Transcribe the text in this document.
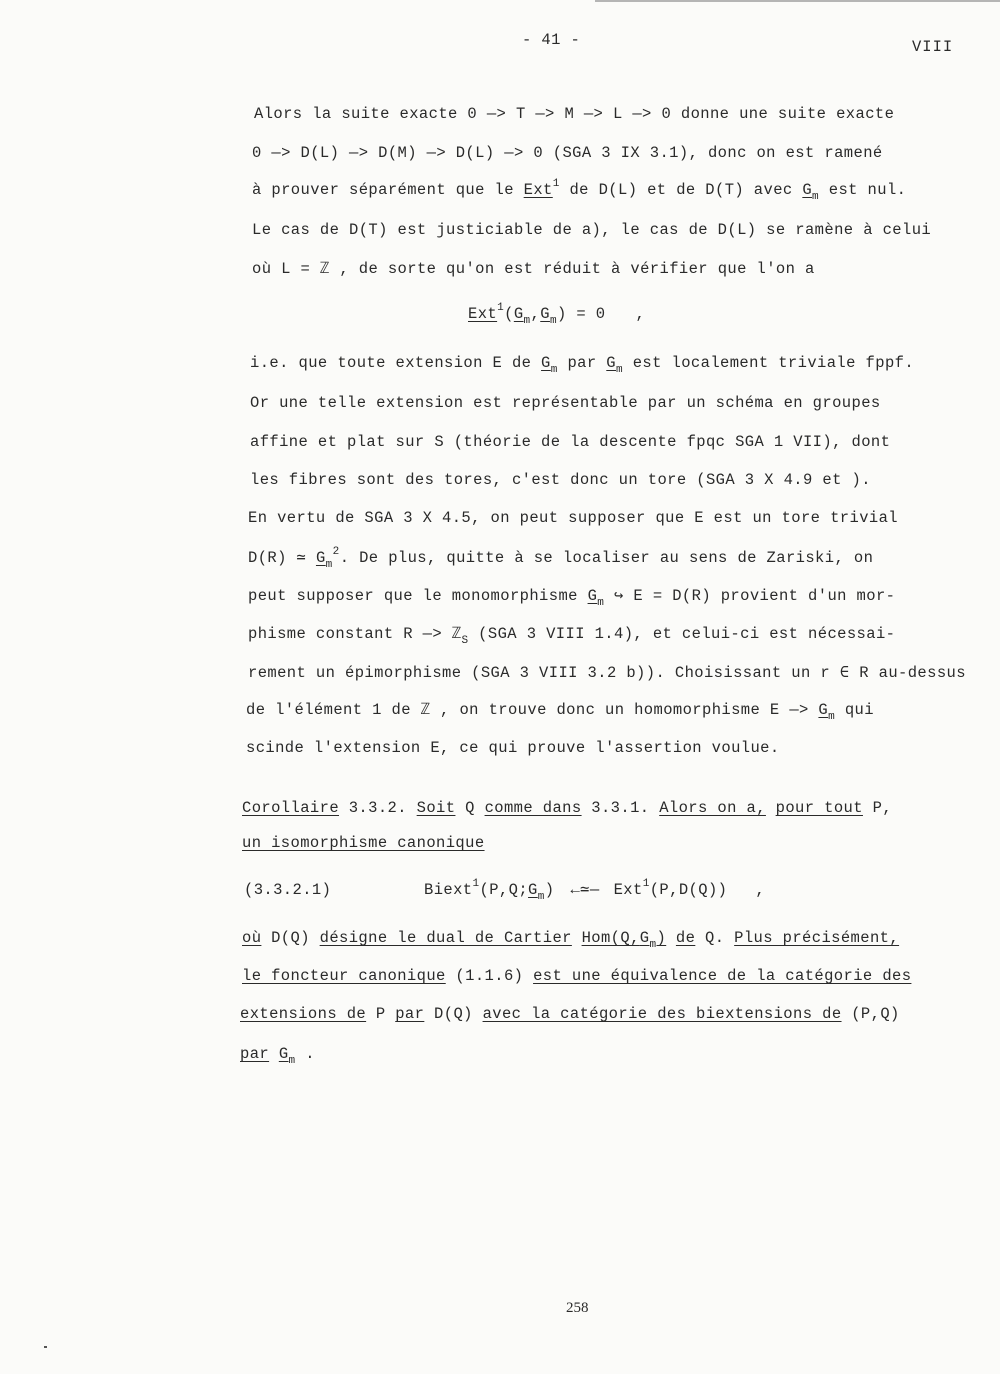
- 41 -	VIII
Alors la suite exacte 0 —> T —> M —> L —> 0 donne une suite exacte
0 —> D(L) —> D(M) —> D(L) —> 0 (SGA 3 IX 3.1), donc on est ramené
à prouver séparément que le Ext$^1$ de D(L) et de D(T) avec $G_m$ est nul.
Le cas de D(T) est justiciable de a), le cas de D(L) se ramène à celui
où L = ℤ , de sorte qu'on est réduit à vérifier que l'on a
$Ext^1(G_m,G_m) = 0$ ,
i.e. que toute extension E de $G_m$ par $G_m$ est localement triviale fppf.
Or une telle extension est représentable par un schéma en groupes
affine et plat sur S (théorie de la descente fpqc SGA 1 VII), dont
les fibres sont des tores, c'est donc un tore (SGA 3 X 4.9 et ).
En vertu de SGA 3 X 4.5, on peut supposer que E est un tore trivial
D(R) ≃ $G_m^2$. De plus, quitte à se localiser au sens de Zariski, on
peut supposer que le monomorphisme $G_m$ ↪ E = D(R) provient d'un mor-
phisme constant R —> ℤ$_S$ (SGA 3 VIII 1.4), et celui-ci est nécessai-
rement un épimorphisme (SGA 3 VIII 3.2 b)). Choisissant un r ∈ R au-dessus
de l'élément 1 de ℤ , on trouve donc un homomorphisme E —> $G_m$ qui
scinde l'extension E, ce qui prouve l'assertion voulue.
Corollaire 3.3.2. Soit Q comme dans 3.3.1. Alors on a, pour tout P,
un isomorphisme canonique
(3.3.2.1)	$Biext^1(P,Q;G_m)$ ←≃— Ext$^1$(P,D(Q)) ,
où D(Q) désigne le dual de Cartier $Hom(Q,G_m)$ de Q. Plus précisément,
le foncteur canonique (1.1.6) est une équivalence de la catégorie des
extensions de P par D(Q) avec la catégorie des biextensions de (P,Q)
par $G_m$ .
258
